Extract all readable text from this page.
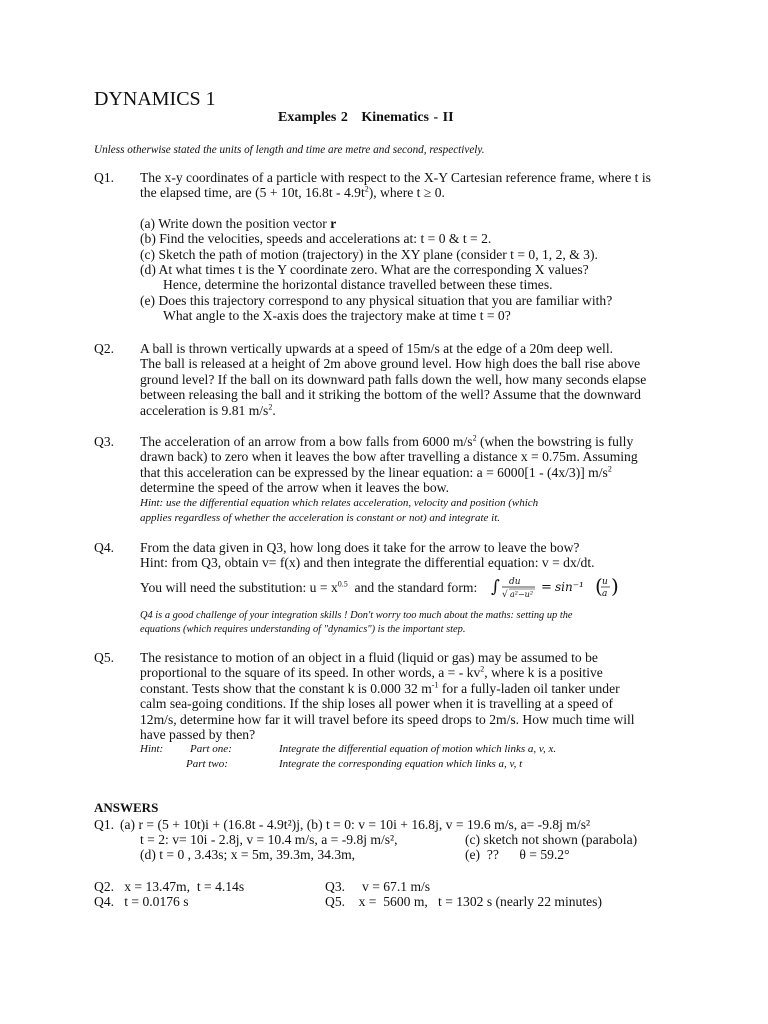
DYNAMICS 1
Examples 2   Kinematics - II
Unless otherwise stated the units of length and time are metre and second, respectively.
Q1. The x-y coordinates of a particle with respect to the X-Y Cartesian reference frame, where t is
the elapsed time, are (5 + 10t, $16.8t - 4.9t^2$), where t ≥ 0.
(a) Write down the position vector r
(b) Find the velocities, speeds and accelerations at: t = 0 & t = 2.
(c) Sketch the path of motion (trajectory) in the XY plane (consider t = 0, 1, 2, & 3).
(d) At what times t is the Y coordinate zero. What are the corresponding X values?
Hence, determine the horizontal distance travelled between these times.
(e) Does this trajectory correspond to any physical situation that you are familiar with?
What angle to the X-axis does the trajectory make at time t = 0?
Q2. A ball is thrown vertically upwards at a speed of 15m/s at the edge of a 20m deep well.
The ball is released at a height of 2m above ground level. How high does the ball rise above
ground level? If the ball on its downward path falls down the well, how many seconds elapse
between releasing the ball and it striking the bottom of the well? Assume that the downward
acceleration is 9.81 $m/s^2$.
Q3. The acceleration of an arrow from a bow falls from 6000 $m/s^2$ (when the bowstring is fully
drawn back) to zero when it leaves the bow after travelling a distance x = 0.75m. Assuming
that this acceleration can be expressed by the linear equation: a = 6000[1 - (4x/3)] $m/s^2$
determine the speed of the arrow when it leaves the bow.
Hint: use the differential equation which relates acceleration, velocity and position (which
applies regardless of whether the acceleration is constant or not) and integrate it.
Q4. From the data given in Q3, how long does it take for the arrow to leave the bow?
Hint: from Q3, obtain v= f(x) and then integrate the differential equation: v = dx/dt.
You will need the substitution: $u = x^{0.5}$  and the standard form: ∫ du
√ a²−u² = sin⁻¹ ( u
a )
Q4 is a good challenge of your integration skills ! Don't worry too much about the maths: setting up the
equations (which requires understanding of "dynamics") is the important step.
Q5. The resistance to motion of an object in a fluid (liquid or gas) may be assumed to be
proportional to the square of its speed. In other words, a = - $kv^2$, where k is a positive
constant. Tests show that the constant k is 0.000 32 $m^{-1}$ for a fully-laden oil tanker under
calm sea-going conditions. If the ship loses all power when it is travelling at a speed of
12m/s, determine how far it will travel before its speed drops to 2m/s. How much time will
have passed by then?
Hint: Part one:	Integrate the differential equation of motion which links a, v, x.
Part two:	Integrate the corresponding equation which links a, v, t
ANSWERS
Q1. (a) r = (5 + 10t)i + (16.8t - 4.9t²)j, (b) t = 0: v = 10i + 16.8j, v = 19.6 m/s, a= -9.8j m/s²
t = 2: v= 10i - 2.8j, v = 10.4 m/s, a = -9.8j m/s²,	(c) sketch not shown (parabola)
(d) t = 0 , 3.43s; x = 5m, 39.3m, 34.3m,	(e)  ??      θ = 59.2°
Q2.   x = 13.47m,  t = 4.14s	Q3.     v = 67.1 m/s
Q4.   t = 0.0176 s	Q5.    x =  5600 m,   t = 1302 s (nearly 22 minutes)
